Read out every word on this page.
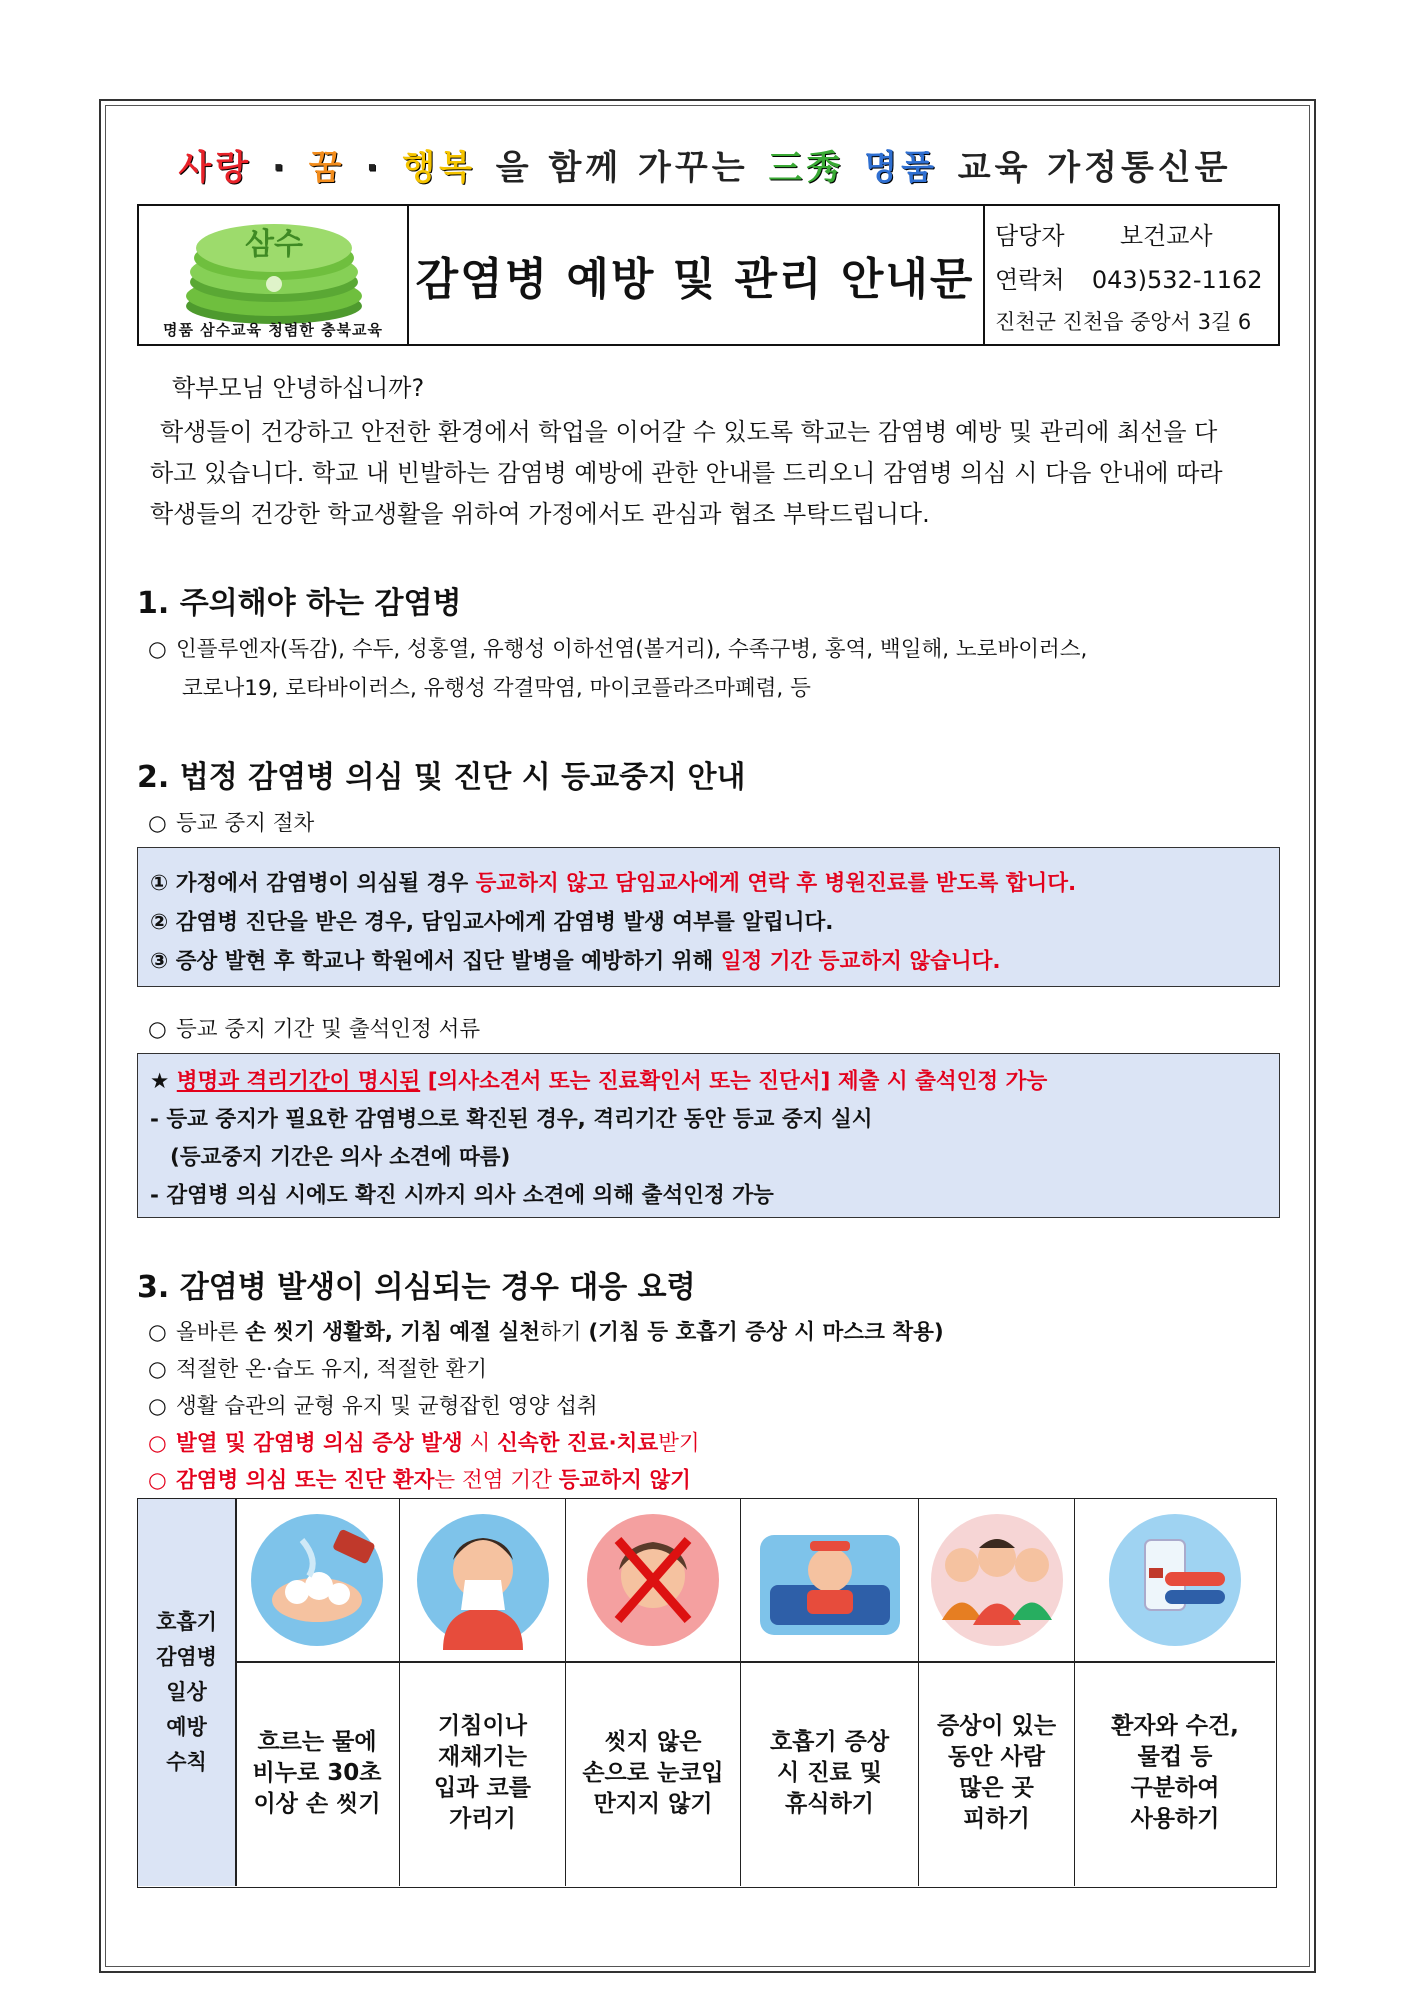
사랑 · 꿈 · 행복 을 함께 가꾸는 三秀 명품 교육 가정통신문
삼수
명품 삼수교육 청렴한 충북교육
감염병 예방 및 관리 안내문
담당자 보건교사
연락처 043)532-1162
진천군 진천읍 중앙서 3길 6
학부모님 안녕하십니까?
학생들이 건강하고 안전한 환경에서 학업을 이어갈 수 있도록 학교는 감염병 예방 및 관리에 최선을 다
하고 있습니다. 학교 내 빈발하는 감염병 예방에 관한 안내를 드리오니 감염병 의심 시 다음 안내에 따라
학생들의 건강한 학교생활을 위하여 가정에서도 관심과 협조 부탁드립니다.
1. 주의해야 하는 감염병
○ 인플루엔자(독감), 수두, 성홍열, 유행성 이하선염(볼거리), 수족구병, 홍역, 백일해, 노로바이러스,
코로나19, 로타바이러스, 유행성 각결막염, 마이코플라즈마폐렴, 등
2. 법정 감염병 의심 및 진단 시 등교중지 안내
○ 등교 중지 절차
① 가정에서 감염병이 의심될 경우 등교하지 않고 담임교사에게 연락 후 병원진료를 받도록 합니다.
② 감염병 진단을 받은 경우, 담임교사에게 감염병 발생 여부를 알립니다.
③ 증상 발현 후 학교나 학원에서 집단 발병을 예방하기 위해 일정 기간 등교하지 않습니다.
○ 등교 중지 기간 및 출석인정 서류
★ 병명과 격리기간이 명시된 [의사소견서 또는 진료확인서 또는 진단서] 제출 시 출석인정 가능
- 등교 중지가 필요한 감염병으로 확진된 경우, 격리기간 동안 등교 중지 실시
(등교중지 기간은 의사 소견에 따름)
- 감염병 의심 시에도 확진 시까지 의사 소견에 의해 출석인정 가능
3. 감염병 발생이 의심되는 경우 대응 요령
○ 올바른 손 씻기 생활화, 기침 예절 실천하기 (기침 등 호흡기 증상 시 마스크 착용)
○ 적절한 온·습도 유지, 적절한 환기
○ 생활 습관의 균형 유지 및 균형잡힌 영양 섭취
○ 발열 및 감염병 의심 증상 발생 시 신속한 진료·치료받기
○ 감염병 의심 또는 진단 환자는 전염 기간 등교하지 않기
호흡기
감염병
일상
예방
수칙
흐르는 물에
비누로 30초
이상 손 씻기
기침이나
재채기는
입과 코를
가리기
씻지 않은
손으로 눈코입
만지지 않기
호흡기 증상
시 진료 및
휴식하기
증상이 있는
동안 사람
많은 곳
피하기
환자와 수건,
물컵 등
구분하여
사용하기
